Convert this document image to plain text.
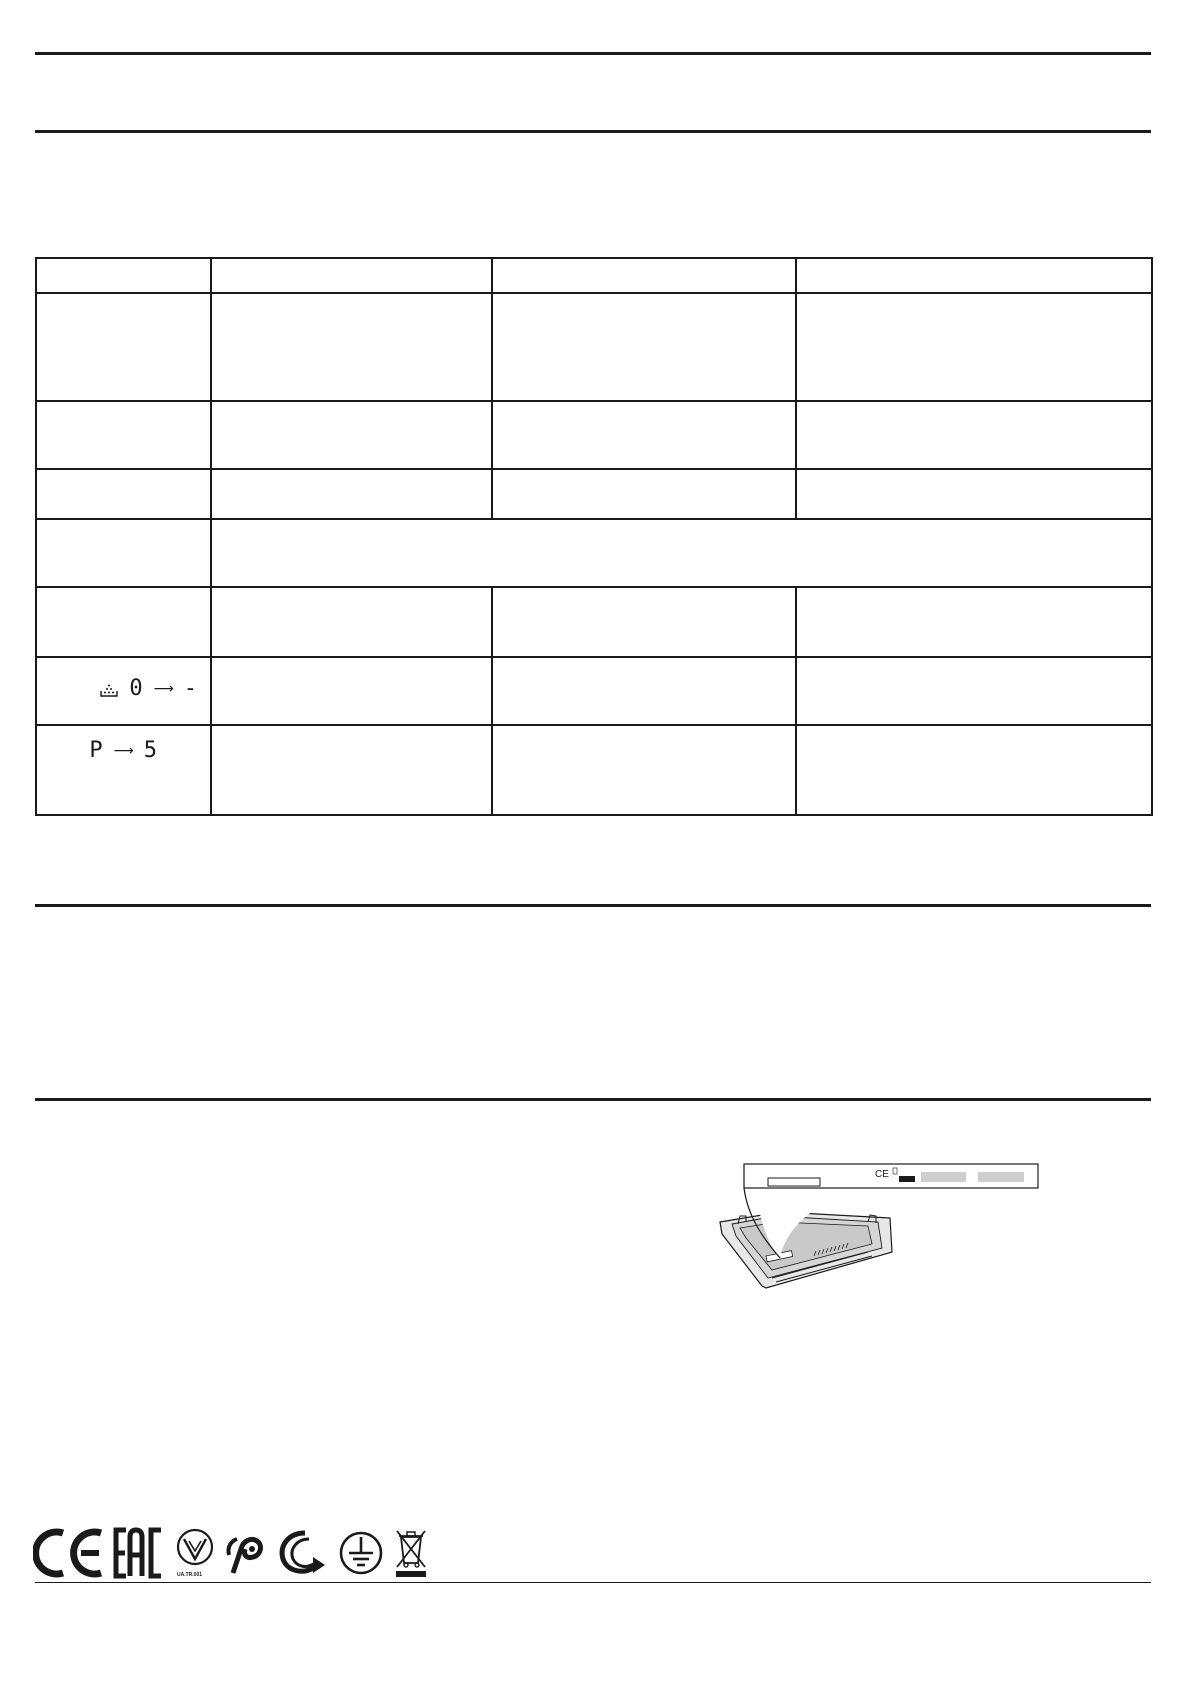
0 ⟶ -			

P ⟶ 5			

CE
UA.TR.001
